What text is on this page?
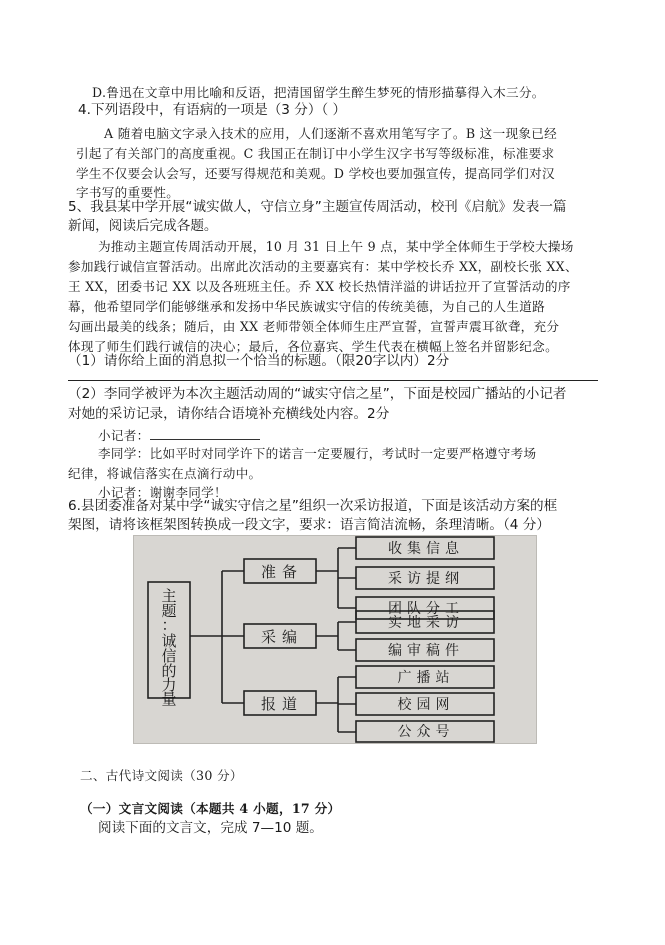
D.鲁迅在文章中用比喻和反语，把清国留学生醉生梦死的情形描摹得入木三分。
4.下列语段中，有语病的一项是（3 分）（ ）
A 随着电脑文字录入技术的应用，人们逐渐不喜欢用笔写字了。B 这一现象已经
引起了有关部门的高度重视。C 我国正在制订中小学生汉字书写等级标准，标准要求
学生不仅要会认会写，还要写得规范和美观。D 学校也要加强宣传，提高同学们对汉
字书写的重要性。
5、我县某中学开展“诚实做人，守信立身”主题宣传周活动，校刊《启航》发表一篇
新闻，阅读后完成各题。
为推动主题宣传周活动开展，10 月 31 日上午 9 点，某中学全体师生于学校大操场
参加践行诚信宣誓活动。出席此次活动的主要嘉宾有：某中学校长乔 XX，副校长张 XX、
王 XX，团委书记 XX 以及各班班主任。乔 XX 校长热情洋溢的讲话拉开了宣誓活动的序
幕，他希望同学们能够继承和发扬中华民族诚实守信的传统美德，为自己的人生道路
勾画出最美的线条；随后，由 XX 老师带领全体师生庄严宣誓，宣誓声震耳欲聋，充分
体现了师生们践行诚信的决心；最后，各位嘉宾、学生代表在横幅上签名并留影纪念。
（1）请你给上面的消息拟一个恰当的标题。（限20字以内）2分
（2）李同学被评为本次主题活动周的“诚实守信之星”，下面是校园广播站的小记者
对她的采访记录，请你结合语境补充横线处内容。2分
小记者：
李同学：比如平时对同学许下的诺言一定要履行，考试时一定要严格遵守考场
纪律，将诚信落实在点滴行动中。
小记者：谢谢李同学！
6.县团委准备对某中学“诚实守信之星”组织一次采访报道，下面是该活动方案的框
架图，请将该框架图转换成一段文字，要求：语言简洁流畅，条理清晰。（4 分）
主
题
：
诚
信
的
力
量
准备
采编
报道
收集信息
采访提纲
团队分工
实地采访
编审稿件
广播站
校园网
公众号
二、古代诗文阅读（30 分）
（一）文言文阅读（本题共 4 小题，17 分）
阅读下面的文言文，完成 7—10 题。
